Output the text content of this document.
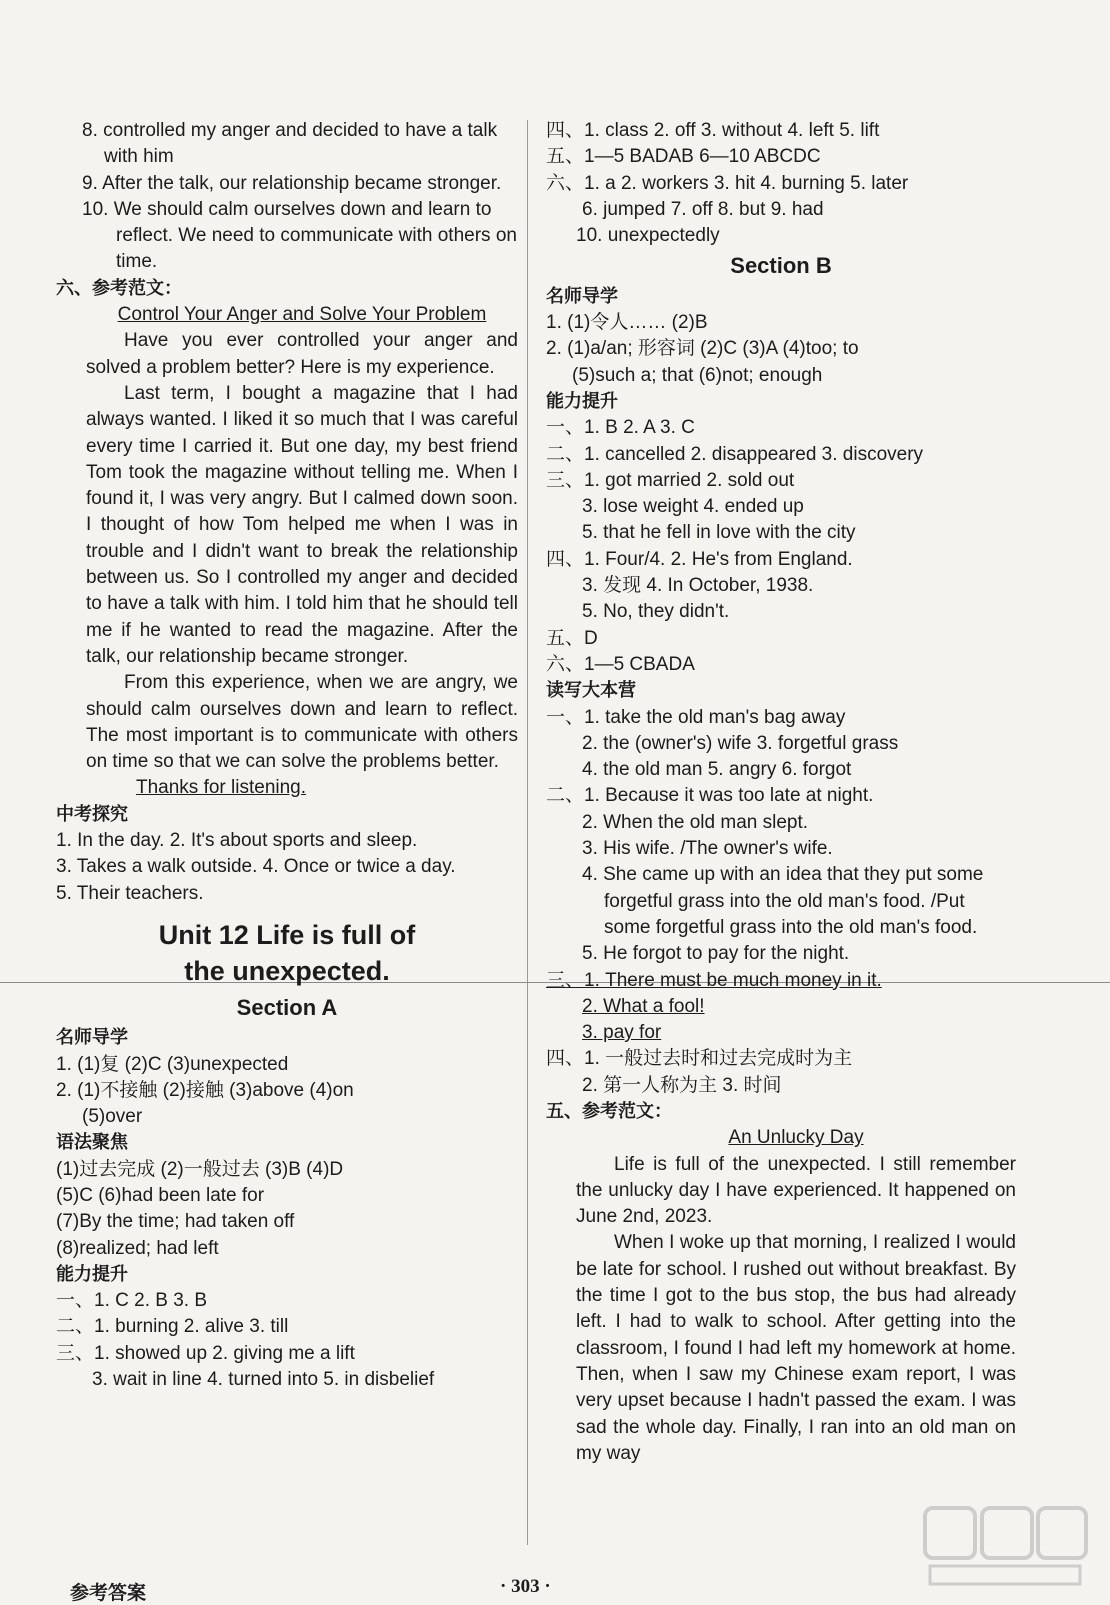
8. controlled my anger and decided to have a talk with him

9. After the talk, our relationship became stronger.

10. We should calm ourselves down and learn to reflect. We need to communicate with others on time.

六、参考范文：

Control Your Anger and Solve Your Problem

Have you ever controlled your anger and solved a problem better? Here is my experience.

Last term, I bought a magazine that I had always wanted. I liked it so much that I was careful every time I carried it. But one day, my best friend Tom took the magazine without telling me. When I found it, I was very angry. But I calmed down soon. I thought of how Tom helped me when I was in trouble and I didn't want to break the relationship between us. So I controlled my anger and decided to have a talk with him. I told him that he should tell me if he wanted to read the magazine. After the talk, our relationship became stronger.

From this experience, when we are angry, we should calm ourselves down and learn to reflect. The most important is to communicate with others on time so that we can solve the problems better.

Thanks for listening.

中考探究

1. In the day. 2. It's about sports and sleep.

3. Takes a walk outside. 4. Once or twice a day.

5. Their teachers.

Unit 12 Life is full of

the unexpected.

Section A

名师导学

1. (1)复 (2)C (3)unexpected

2. (1)不接触 (2)接触 (3)above (4)on

(5)over

语法聚焦

(1)过去完成 (2)一般过去 (3)B (4)D

(5)C (6)had been late for

(7)By the time; had taken off

(8)realized; had left

能力提升

一、1. C 2. B 3. B

二、1. burning 2. alive 3. till

三、1. showed up 2. giving me a lift

3. wait in line 4. turned into 5. in disbelief

四、1. class 2. off 3. without 4. left 5. lift

五、1—5 BADAB 6—10 ABCDC

六、1. a 2. workers 3. hit 4. burning 5. later

6. jumped 7. off 8. but 9. had

10. unexpectedly

Section B

名师导学

1. (1)令人…… (2)B

2. (1)a/an; 形容词 (2)C (3)A (4)too; to

(5)such a; that (6)not; enough

能力提升

一、1. B 2. A 3. C

二、1. cancelled 2. disappeared 3. discovery

三、1. got married 2. sold out

3. lose weight 4. ended up

5. that he fell in love with the city

四、1. Four/4. 2. He's from England.

3. 发现 4. In October, 1938.

5. No, they didn't.

五、D

六、1—5 CBADA

读写大本营

一、1. take the old man's bag away

2. the (owner's) wife 3. forgetful grass

4. the old man 5. angry 6. forgot

二、1. Because it was too late at night.

2. When the old man slept.

3. His wife. /The owner's wife.

4. She came up with an idea that they put some forgetful grass into the old man's food. /Put some forgetful grass into the old man's food.

5. He forgot to pay for the night.

三、1. There must be much money in it.

2. What a fool!

3. pay for

四、1. 一般过去时和过去完成时为主

2. 第一人称为主 3. 时间

五、参考范文：

An Unlucky Day

Life is full of the unexpected. I still remember the unlucky day I have experienced. It happened on June 2nd, 2023.

When I woke up that morning, I realized I would be late for school. I rushed out without breakfast. By the time I got to the bus stop, the bus had already left. I had to walk to school. After getting into the classroom, I found I had left my homework at home. Then, when I saw my Chinese exam report, I was very upset because I hadn't passed the exam. I was sad the whole day. Finally, I ran into an old man on my way

参考答案	· 303 ·
